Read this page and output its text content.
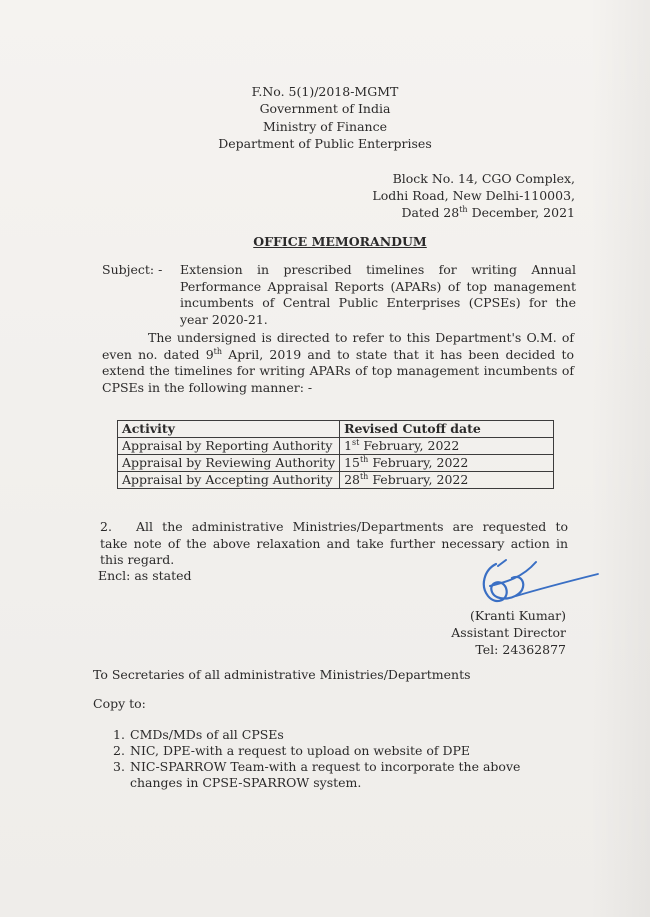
F.No. 5(1)/2018-MGMT
Government of India
Ministry of Finance
Department of Public Enterprises
Block No. 14, CGO Complex,
Lodhi Road, New Delhi-110003,
Dated 28th December, 2021
OFFICE MEMORANDUM
Subject: - Extension in prescribed timelines for writing Annual Performance Appraisal Reports (APARs) of top management incumbents of Central Public Enterprises (CPSEs) for the year 2020-21.
The undersigned is directed to refer to this Department's O.M. of even no. dated 9th April, 2019 and to state that it has been decided to extend the timelines for writing APARs of top management incumbents of CPSEs in the following manner: -
Activity	Revised Cutoff date
Appraisal by Reporting Authority	1st February, 2022
Appraisal by Reviewing Authority	15th February, 2022
Appraisal by Accepting Authority	28th February, 2022
2.	All the administrative Ministries/Departments are requested to take note of the above relaxation and take further necessary action in this regard.
Encl: as stated
(Kranti Kumar)
Assistant Director
Tel: 24362877
To Secretaries of all administrative Ministries/Departments
Copy to:
1. CMDs/MDs of all CPSEs
2. NIC, DPE-with a request to upload on website of DPE
3. NIC-SPARROW Team-with a request to incorporate the above changes in CPSE-SPARROW system.
